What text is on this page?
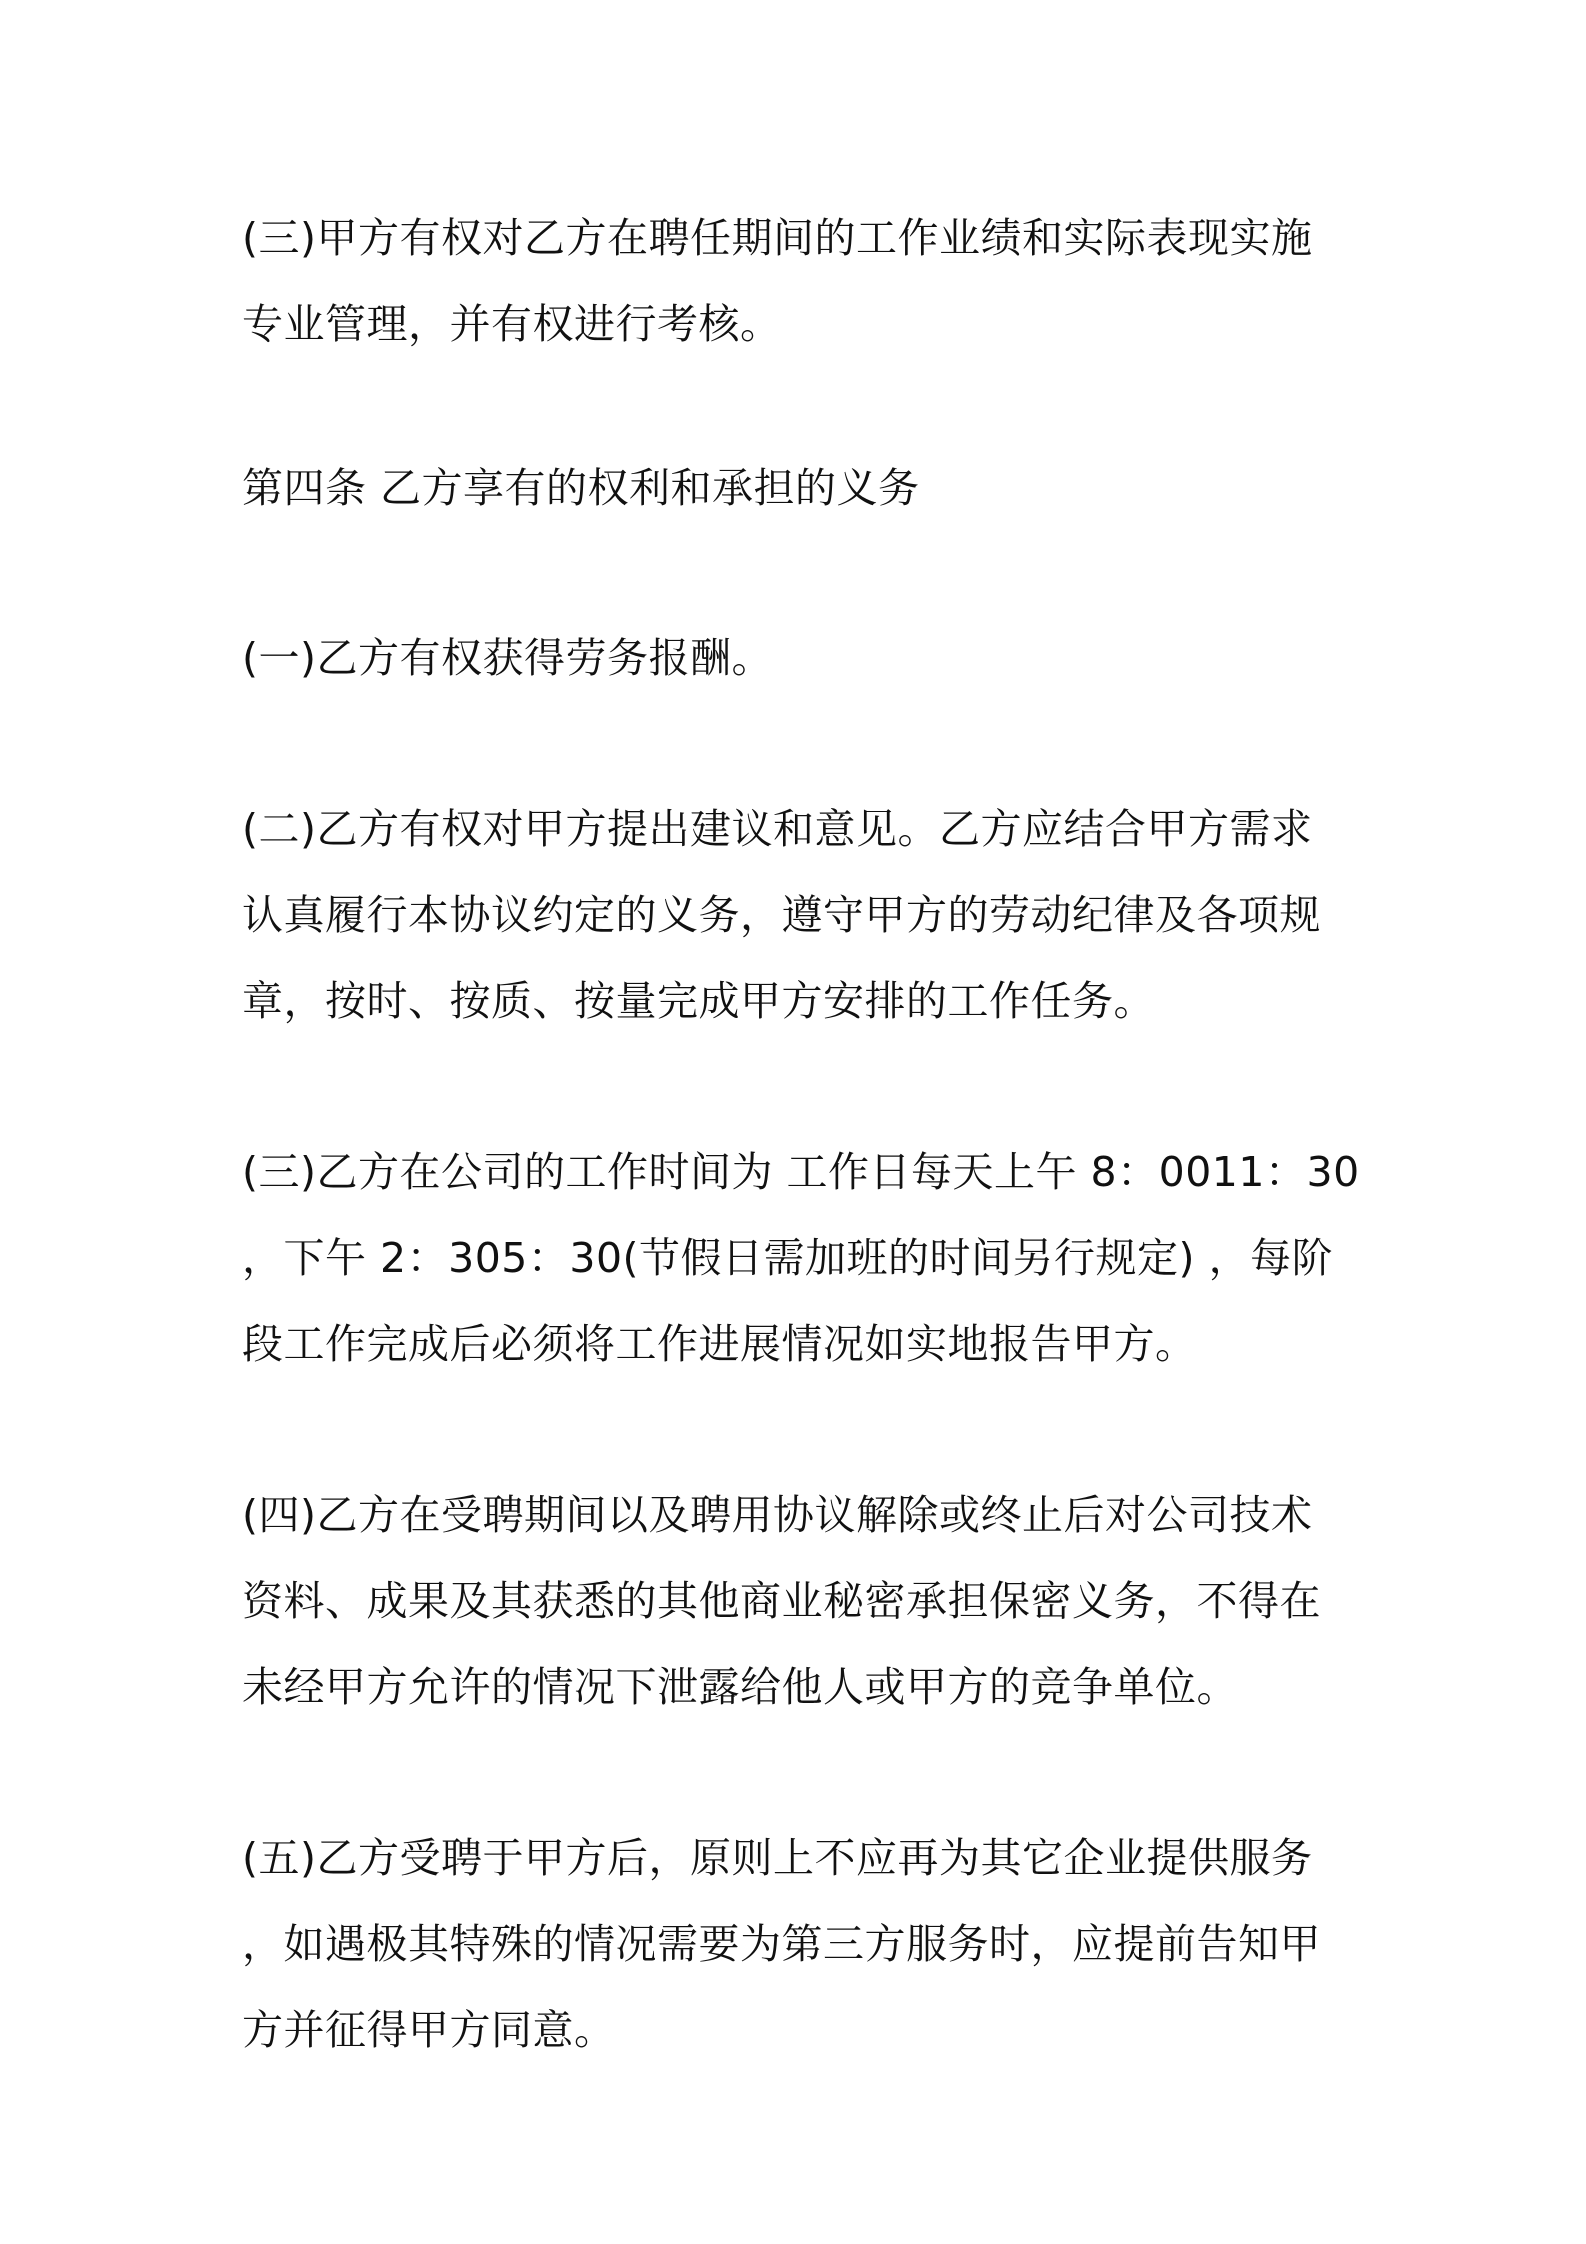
(三)甲方有权对乙方在聘任期间的工作业绩和实际表现实施
专业管理，并有权进行考核。

第四条 乙方享有的权利和承担的义务

(一)乙方有权获得劳务报酬。

(二)乙方有权对甲方提出建议和意见。乙方应结合甲方需求
认真履行本协议约定的义务，遵守甲方的劳动纪律及各项规
章，按时、按质、按量完成甲方安排的工作任务。

(三)乙方在公司的工作时间为 工作日每天上午 8：0011：30
，下午 2：305：30(节假日需加班的时间另行规定) ，每阶
段工作完成后必须将工作进展情况如实地报告甲方。

(四)乙方在受聘期间以及聘用协议解除或终止后对公司技术
资料、成果及其获悉的其他商业秘密承担保密义务，不得在
未经甲方允许的情况下泄露给他人或甲方的竞争单位。

(五)乙方受聘于甲方后，原则上不应再为其它企业提供服务
，如遇极其特殊的情况需要为第三方服务时，应提前告知甲
方并征得甲方同意。
